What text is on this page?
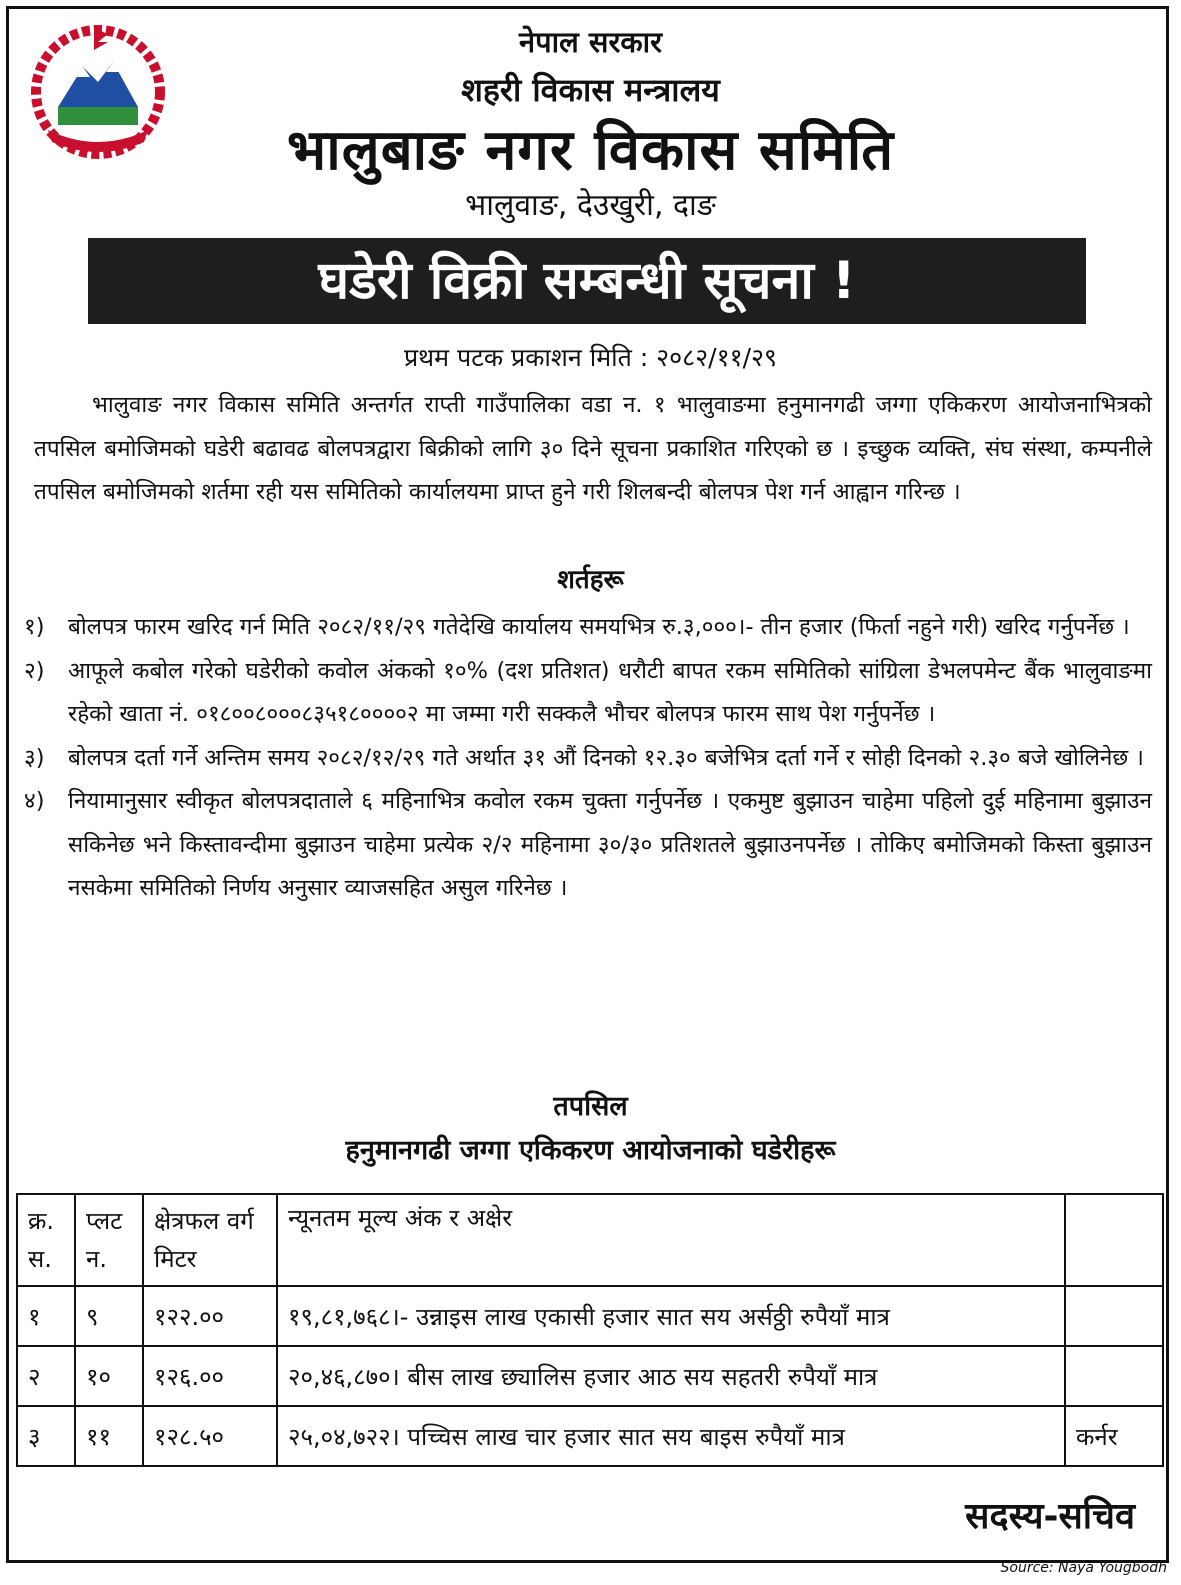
नेपाल सरकार
शहरी विकास मन्त्रालय
भालुबाङ नगर विकास समिति
भालुवाङ, देउखुरी, दाङ
घडेरी विक्री सम्बन्धी सूचना !
प्रथम पटक प्रकाशन मिति : २०८२/११/२९
भालुवाङ नगर विकास समिति अन्तर्गत राप्ती गाउँपालिका वडा न. १ भालुवाङमा हनुमानगढी जग्गा एकिकरण आयोजनाभित्रको तपसिल बमोजिमको घडेरी बढावढ बोलपत्रद्वारा बिक्रीको लागि ३० दिने सूचना प्रकाशित गरिएको छ । इच्छुक व्यक्ति, संघ संस्था, कम्पनीले तपसिल बमोजिमको शर्तमा रही यस समितिको कार्यालयमा प्राप्त हुने गरी शिलबन्दी बोलपत्र पेश गर्न आह्वान गरिन्छ ।
शर्तहरू
१)	बोलपत्र फारम खरिद गर्न मिति २०८२/११/२९ गतेदेखि कार्यालय समयभित्र रु.३,०००।- तीन हजार (फिर्ता नहुने गरी) खरिद गर्नुपर्नेछ ।
२)	आफूले कबोल गरेको घडेरीको कवोल अंकको १०% (दश प्रतिशत) धरौटी बापत रकम समितिको सांग्रिला डेभलपमेन्ट बैंक भालुवाङमा रहेको खाता नं. ०१८००८०००८३५१८००००२ मा जम्मा गरी सक्कलै भौचर बोलपत्र फारम साथ पेश गर्नुपर्नेछ ।
३)	बोलपत्र दर्ता गर्ने अन्तिम समय २०८२/१२/२९ गते अर्थात ३१ औं दिनको १२.३० बजेभित्र दर्ता गर्ने र सोही दिनको २.३० बजे खोलिनेछ ।
४)	नियामानुसार स्वीकृत बोलपत्रदाताले ६ महिनाभित्र कवोल रकम चुक्ता गर्नुपर्नेछ । एकमुष्ट बुझाउन चाहेमा पहिलो दुई महिनामा बुझाउन सकिनेछ भने किस्तावन्दीमा बुझाउन चाहेमा प्रत्येक २/२ महिनामा ३०/३० प्रतिशतले बुझाउनपर्नेछ । तोकिए बमोजिमको किस्ता बुझाउन नसकेमा समितिको निर्णय अनुसार व्याजसहित असुल गरिनेछ ।
तपसिल
हनुमानगढी जग्गा एकिकरण आयोजनाको घडेरीहरू
क्र. स.	प्लट न.	क्षेत्रफल वर्ग मिटर	न्यूनतम मूल्य अंक र अक्षेर	
१	९	१२२.००	१९,८१,७६८।- उन्नाइस लाख एकासी हजार सात सय अर्सठ्ठी रुपैयाँ मात्र	
२	१०	१२६.००	२०,४६,८७०। बीस लाख छ्यालिस हजार आठ सय सहतरी रुपैयाँ मात्र	
३	११	१२८.५०	२५,०४,७२२। पच्चिस लाख चार हजार सात सय बाइस रुपैयाँ मात्र	कर्नर
सदस्य-सचिव
Source: Naya Yougbodh
